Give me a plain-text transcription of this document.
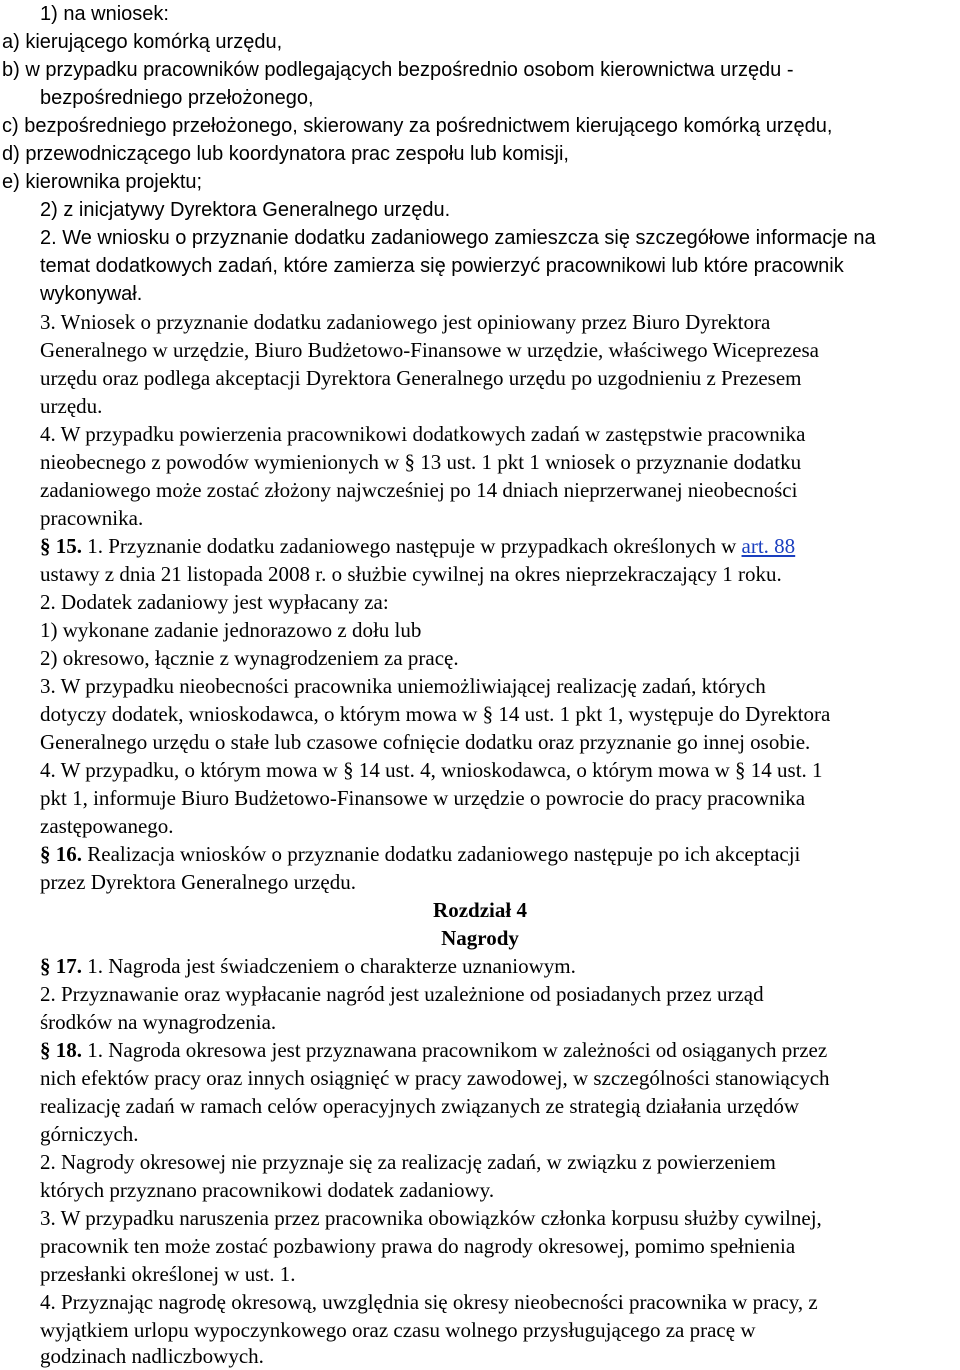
1) na wniosek:
a) kierującego komórką urzędu,
b) w przypadku pracowników podlegających bezpośrednio osobom kierownictwa urzędu -
bezpośredniego przełożonego,
c) bezpośredniego przełożonego, skierowany za pośrednictwem kierującego komórką urzędu,
d) przewodniczącego lub koordynatora prac zespołu lub komisji,
e) kierownika projektu;
2) z inicjatywy Dyrektora Generalnego urzędu.
2. We wniosku o przyznanie dodatku zadaniowego zamieszcza się szczegółowe informacje na
temat dodatkowych zadań, które zamierza się powierzyć pracownikowi lub które pracownik
wykonywał.
3. Wniosek o przyznanie dodatku zadaniowego jest opiniowany przez Biuro Dyrektora
Generalnego w urzędzie, Biuro Budżetowo-Finansowe w urzędzie, właściwego Wiceprezesa
urzędu oraz podlega akceptacji Dyrektora Generalnego urzędu po uzgodnieniu z Prezesem
urzędu.
4. W przypadku powierzenia pracownikowi dodatkowych zadań w zastępstwie pracownika
nieobecnego z powodów wymienionych w § 13 ust. 1 pkt 1 wniosek o przyznanie dodatku
zadaniowego może zostać złożony najwcześniej po 14 dniach nieprzerwanej nieobecności
pracownika.
§ 15. 1. Przyznanie dodatku zadaniowego następuje w przypadkach określonych w art. 88
ustawy z dnia 21 listopada 2008 r. o służbie cywilnej na okres nieprzekraczający 1 roku.
2. Dodatek zadaniowy jest wypłacany za:
1) wykonane zadanie jednorazowo z dołu lub
2) okresowo, łącznie z wynagrodzeniem za pracę.
3. W przypadku nieobecności pracownika uniemożliwiającej realizację zadań, których
dotyczy dodatek, wnioskodawca, o którym mowa w § 14 ust. 1 pkt 1, występuje do Dyrektora
Generalnego urzędu o stałe lub czasowe cofnięcie dodatku oraz przyznanie go innej osobie.
4. W przypadku, o którym mowa w § 14 ust. 4, wnioskodawca, o którym mowa w § 14 ust. 1
pkt 1, informuje Biuro Budżetowo-Finansowe w urzędzie o powrocie do pracy pracownika
zastępowanego.
§ 16. Realizacja wniosków o przyznanie dodatku zadaniowego następuje po ich akceptacji
przez Dyrektora Generalnego urzędu.
Rozdział 4
Nagrody
§ 17. 1. Nagroda jest świadczeniem o charakterze uznaniowym.
2. Przyznawanie oraz wypłacanie nagród jest uzależnione od posiadanych przez urząd
środków na wynagrodzenia.
§ 18. 1. Nagroda okresowa jest przyznawana pracownikom w zależności od osiąganych przez
nich efektów pracy oraz innych osiągnięć w pracy zawodowej, w szczególności stanowiących
realizację zadań w ramach celów operacyjnych związanych ze strategią działania urzędów
górniczych.
2. Nagrody okresowej nie przyznaje się za realizację zadań, w związku z powierzeniem
których przyznano pracownikowi dodatek zadaniowy.
3. W przypadku naruszenia przez pracownika obowiązków członka korpusu służby cywilnej,
pracownik ten może zostać pozbawiony prawa do nagrody okresowej, pomimo spełnienia
przesłanki określonej w ust. 1.
4. Przyznając nagrodę okresową, uwzględnia się okresy nieobecności pracownika w pracy, z
wyjątkiem urlopu wypoczynkowego oraz czasu wolnego przysługującego za pracę w
godzinach nadliczbowych.
